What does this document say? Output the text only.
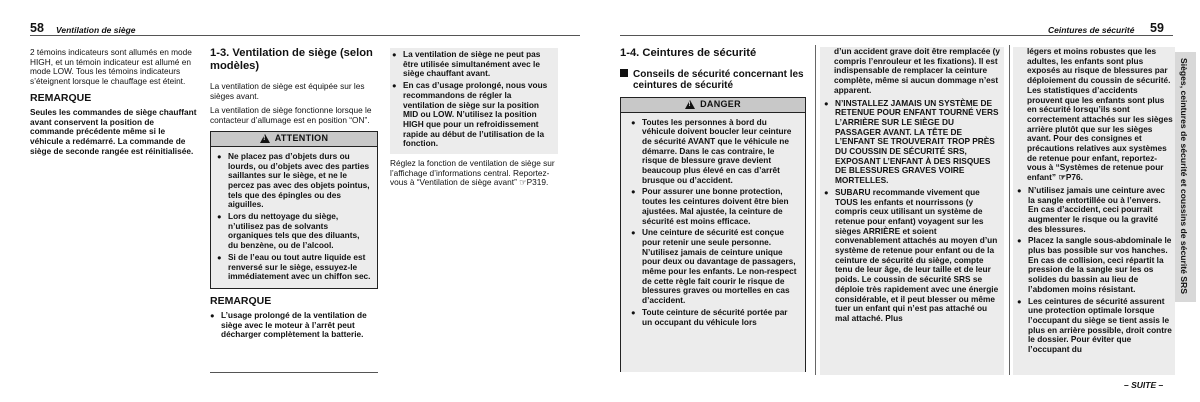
58 Ventilation de siège

2 témoins indicateurs sont allumés en mode HIGH, et un témoin indicateur est allumé en mode LOW. Tous les témoins indicateurs s’éteignent lorsque le chauffage est éteint.

REMARQUE

Seules les commandes de siège chauffant avant conservent la position de commande précédente même si le véhicule a redémarré. La commande de siège de seconde rangée est réinitialisée.

1-3. Ventilation de siège (selon modèles)

La ventilation de siège est équipée sur les sièges avant.

La ventilation de siège fonctionne lorsque le contacteur d’allumage est en position “ON”.

! ATTENTION
● Ne placez pas d’objets durs ou lourds, ou d’objets avec des parties saillantes sur le siège, et ne le percez pas avec des objets pointus, tels que des épingles ou des aiguilles.
● Lors du nettoyage du siège, n’utilisez pas de solvants organiques tels que des diluants, du benzène, ou de l’alcool.
● Si de l’eau ou tout autre liquide est renversé sur le siège, essuyez-le immédiatement avec un chiffon sec.
REMARQUE
● L’usage prolongé de la ventilation de siège avec le moteur à l’arrêt peut décharger complètement la batterie.
● La ventilation de siège ne peut pas être utilisée simultanément avec le siège chauffant avant.
● En cas d’usage prolongé, nous vous recommandons de régler la ventilation de siège sur la position MID ou LOW. N’utilisez la position HIGH que pour un refroidissement rapide au début de l’utilisation de la fonction.

Réglez la fonction de ventilation de siège sur l’affichage d’informations central. Reportez-vous à “Ventilation de siège avant” ☞P319.

Ceintures de sécurité 59
Sièges, ceintures de sécurité et coussins de sécurité SRS
1-4. Ceintures de sécurité
Conseils de sécurité concernant les ceintures de sécurité
! DANGER
● Toutes les personnes à bord du véhicule doivent boucler leur ceinture de sécurité AVANT que le véhicule ne démarre. Dans le cas contraire, le risque de blessure grave devient beaucoup plus élevé en cas d’arrêt brusque ou d’accident.
● Pour assurer une bonne protection, toutes les ceintures doivent être bien ajustées. Mal ajustée, la ceinture de sécurité est moins efficace.
● Une ceinture de sécurité est conçue pour retenir une seule personne. N’utilisez jamais de ceinture unique pour deux ou davantage de passagers, même pour les enfants. Le non-respect de cette règle fait courir le risque de blessures graves ou mortelles en cas d’accident.
● Toute ceinture de sécurité portée par un occupant du véhicule lors
d’un accident grave doit être remplacée (y compris l’enrouleur et les fixations). Il est indispensable de remplacer la ceinture complète, même si aucun dommage n’est apparent.
● N’INSTALLEZ JAMAIS UN SYSTÈME DE RETENUE POUR ENFANT TOURNÉ VERS L’ARRIÈRE SUR LE SIÈGE DU PASSAGER AVANT. LA TÊTE DE L’ENFANT SE TROUVERAIT TROP PRÈS DU COUSSIN DE SÉCURITÉ SRS, EXPOSANT L’ENFANT À DES RISQUES DE BLESSURES GRAVES VOIRE MORTELLES.
● SUBARU recommande vivement que TOUS les enfants et nourrissons (y compris ceux utilisant un système de retenue pour enfant) voyagent sur les sièges ARRIÈRE et soient convenablement attachés au moyen d’un système de retenue pour enfant ou de la ceinture de sécurité du siège, compte tenu de leur âge, de leur taille et de leur poids. Le coussin de sécurité SRS se déploie très rapidement avec une énergie considérable, et il peut blesser ou même tuer un enfant qui n’est pas attaché ou mal attaché. Plus
légers et moins robustes que les adultes, les enfants sont plus exposés au risque de blessures par déploiement du coussin de sécurité. Les statistiques d’accidents prouvent que les enfants sont plus en sécurité lorsqu’ils sont correctement attachés sur les sièges arrière plutôt que sur les sièges avant. Pour des consignes et précautions relatives aux systèmes de retenue pour enfant, reportez-vous à “Systèmes de retenue pour enfant” ☞P76.
● N’utilisez jamais une ceinture avec la sangle entortillée ou à l’envers. En cas d’accident, ceci pourrait augmenter le risque ou la gravité des blessures.
● Placez la sangle sous-abdominale le plus bas possible sur vos hanches. En cas de collision, ceci répartit la pression de la sangle sur les os solides du bassin au lieu de l’abdomen moins résistant.
● Les ceintures de sécurité assurent une protection optimale lorsque l’occupant du siège se tient assis le plus en arrière possible, droit contre le dossier. Pour éviter que l’occupant du
– SUITE –
